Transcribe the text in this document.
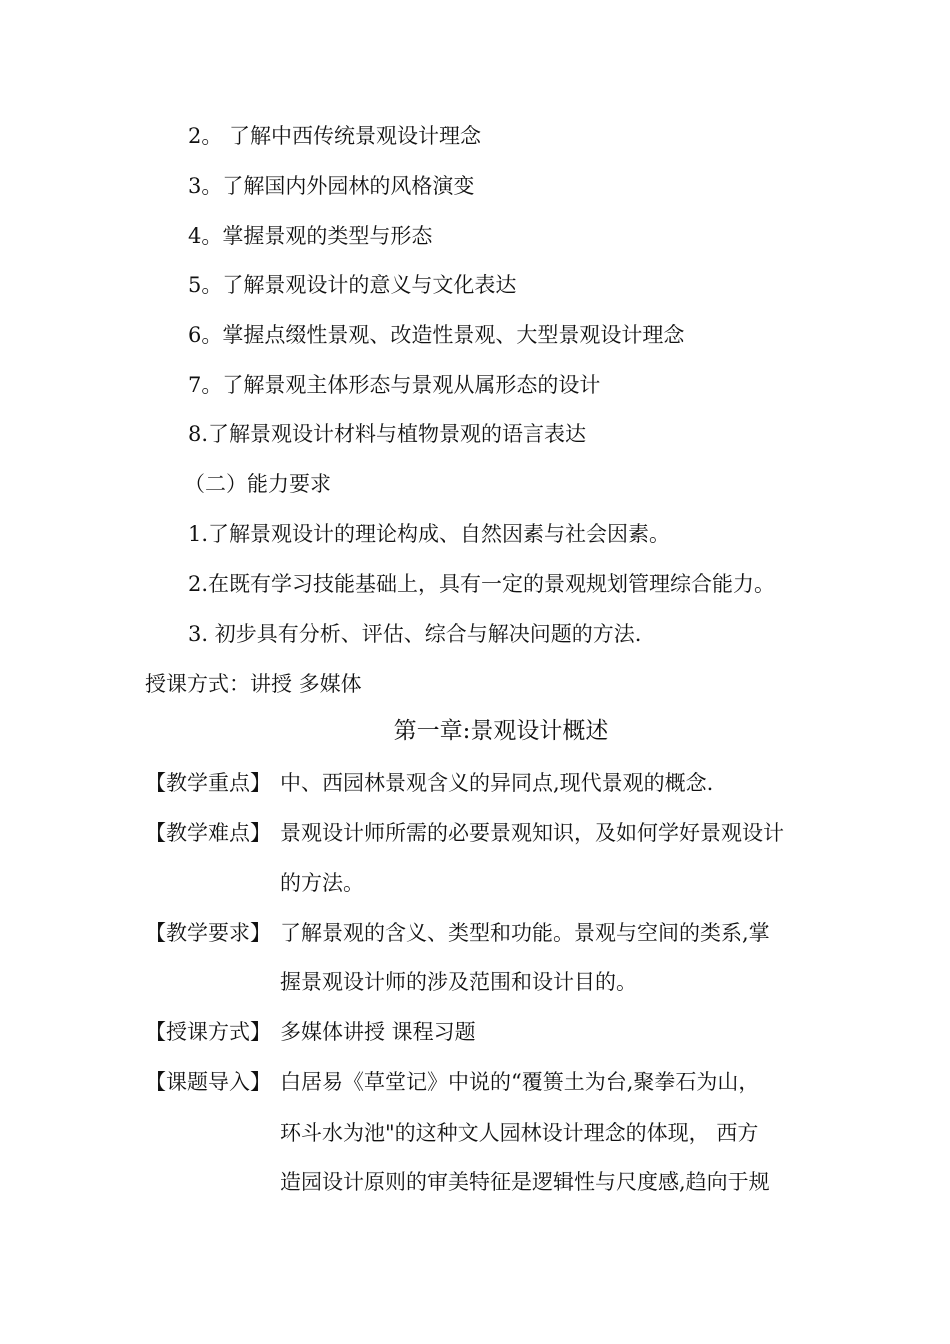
2。 了解中西传统景观设计理念
3。了解国内外园林的风格演变
4。掌握景观的类型与形态
5。了解景观设计的意义与文化表达
6。掌握点缀性景观、改造性景观、大型景观设计理念
7。了解景观主体形态与景观从属形态的设计
8.了解景观设计材料与植物景观的语言表达
（二）能力要求
1.了解景观设计的理论构成、自然因素与社会因素。
2.在既有学习技能基础上，具有一定的景观规划管理综合能力。
3. 初步具有分析、评估、综合与解决问题的方法.
授课方式：讲授 多媒体
第一章:景观设计概述
【教学重点】 中、西园林景观含义的异同点,现代景观的概念.
【教学难点】 景观设计师所需的必要景观知识，及如何学好景观设计
的方法。
【教学要求】 了解景观的含义、类型和功能。景观与空间的类系,掌
握景观设计师的涉及范围和设计目的。
【授课方式】 多媒体讲授 课程习题
【课题导入】 白居易《草堂记》中说的“覆篑土为台,聚拳石为山，
环斗水为池"的这种文人园林设计理念的体现， 西方
造园设计原则的审美特征是逻辑性与尺度感,趋向于规
